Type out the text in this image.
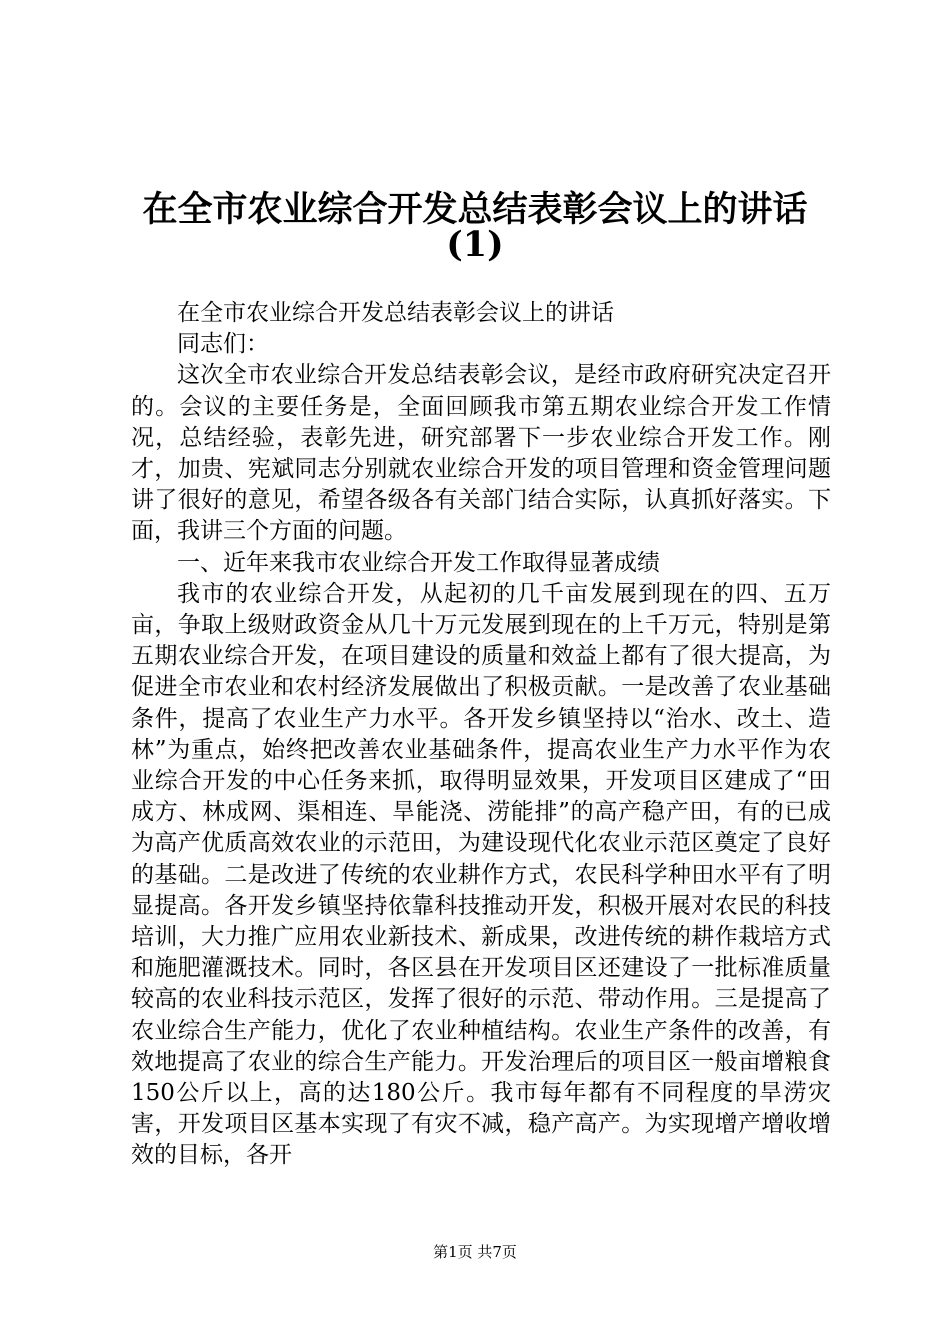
在全市农业综合开发总结表彰会议上的讲话
(1)

在全市农业综合开发总结表彰会议上的讲话

同志们：

这次全市农业综合开发总结表彰会议，是经市政府研究决定召开的。会议的主要任务是，全面回顾我市第五期农业综合开发工作情况，总结经验，表彰先进，研究部署下一步农业综合开发工作。刚才，加贵、宪斌同志分别就农业综合开发的项目管理和资金管理问题讲了很好的意见，希望各级各有关部门结合实际，认真抓好落实。下面，我讲三个方面的问题。

一、近年来我市农业综合开发工作取得显著成绩

我市的农业综合开发，从起初的几千亩发展到现在的四、五万亩，争取上级财政资金从几十万元发展到现在的上千万元，特别是第五期农业综合开发，在项目建设的质量和效益上都有了很大提高，为促进全市农业和农村经济发展做出了积极贡献。一是改善了农业基础条件，提高了农业生产力水平。各开发乡镇坚持以“治水、改土、造林”为重点，始终把改善农业基础条件，提高农业生产力水平作为农业综合开发的中心任务来抓，取得明显效果，开发项目区建成了“田成方、林成网、渠相连、旱能浇、涝能排”的高产稳产田，有的已成为高产优质高效农业的示范田，为建设现代化农业示范区奠定了良好的基础。二是改进了传统的农业耕作方式，农民科学种田水平有了明显提高。各开发乡镇坚持依靠科技推动开发，积极开展对农民的科技培训，大力推广应用农业新技术、新成果，改进传统的耕作栽培方式和施肥灌溉技术。同时，各区县在开发项目区还建设了一批标准质量较高的农业科技示范区，发挥了很好的示范、带动作用。三是提高了农业综合生产能力，优化了农业种植结构。农业生产条件的改善，有效地提高了农业的综合生产能力。开发治理后的项目区一般亩增粮食150公斤以上，高的达180公斤。我市每年都有不同程度的旱涝灾害，开发项目区基本实现了有灾不减，稳产高产。为实现增产增收增效的目标，各开

第1页 共7页
